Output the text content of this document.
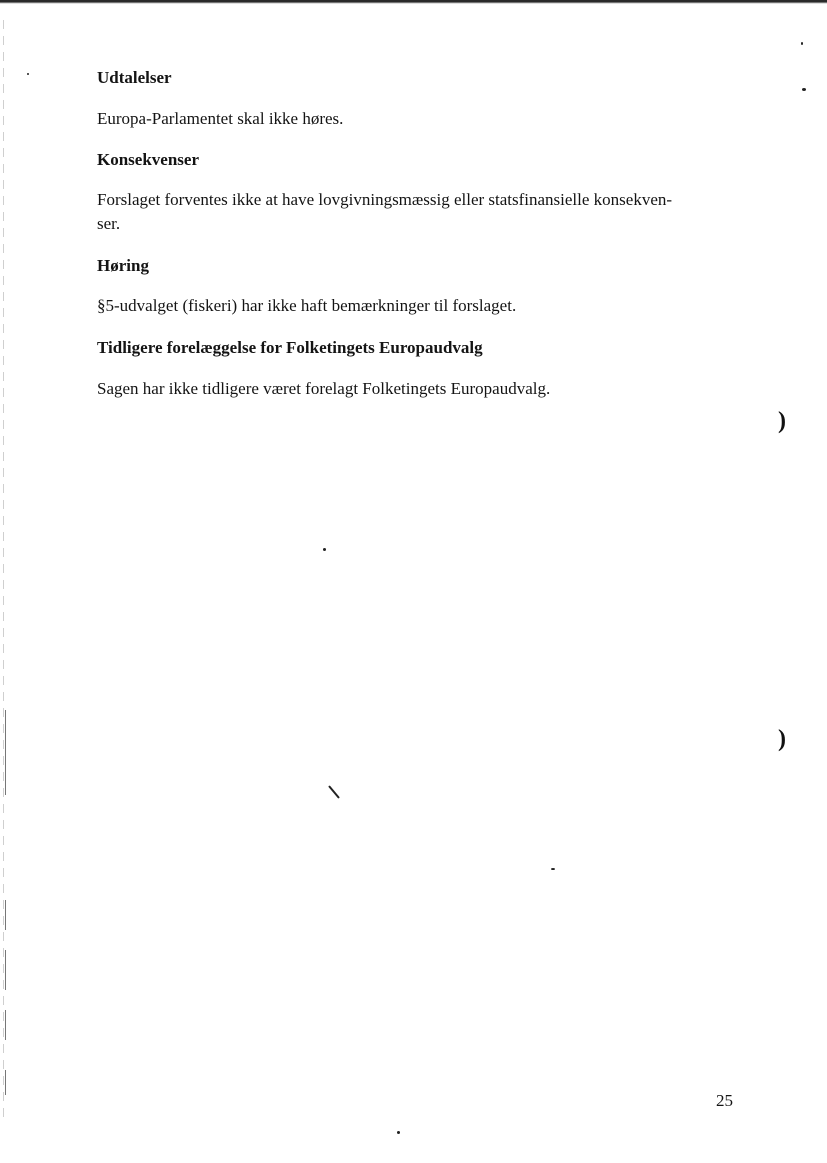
Udtalelser

Europa-Parlamentet skal ikke høres.

Konsekvenser

Forslaget forventes ikke at have lovgivningsmæssig eller statsfinansielle konsekven-

ser.

Høring

§5-udvalget (fiskeri) har ikke haft bemærkninger til forslaget.

Tidligere forelæggelse for Folketingets Europaudvalg

Sagen har ikke tidligere været forelagt Folketingets Europaudvalg.

25
)
)
